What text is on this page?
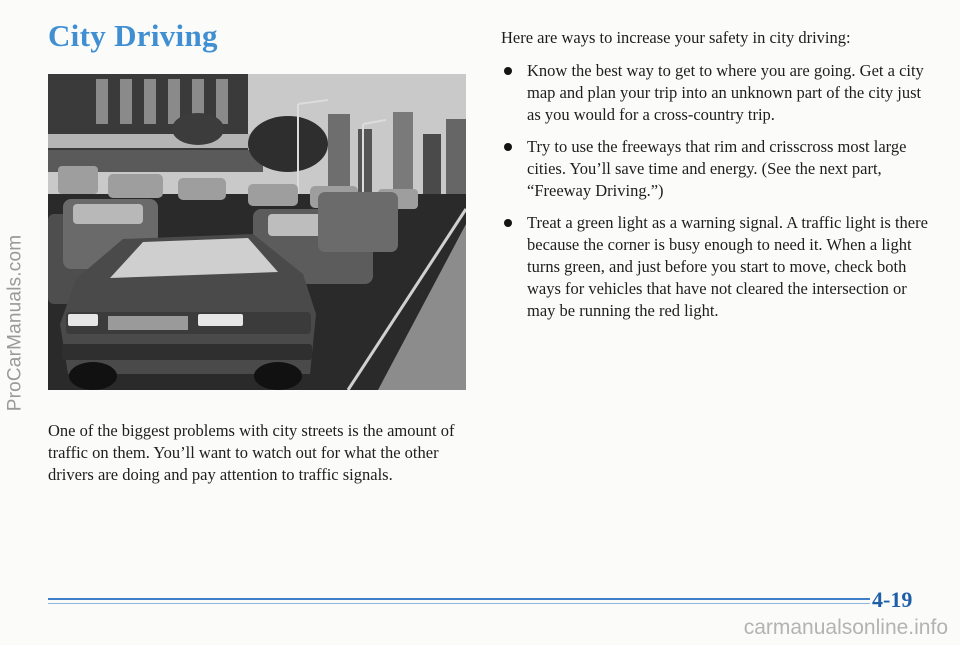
ProCarManuals.com
City Driving

One of the biggest problems with city streets is the amount of traffic on them. You’ll want to watch out for what the other drivers are doing and pay attention to traffic signals.

Here are ways to increase your safety in city driving:

Know the best way to get to where you are going. Get a city map and plan your trip into an unknown part of the city just as you would for a cross-country trip.
Try to use the freeways that rim and crisscross most large cities. You’ll save time and energy. (See the next part, “Freeway Driving.”)
Treat a green light as a warning signal. A traffic light is there because the corner is busy enough to need it. When a light turns green, and just before you start to move, check both ways for vehicles that have not cleared the intersection or may be running the red light.
4-19
carmanualsonline.info
